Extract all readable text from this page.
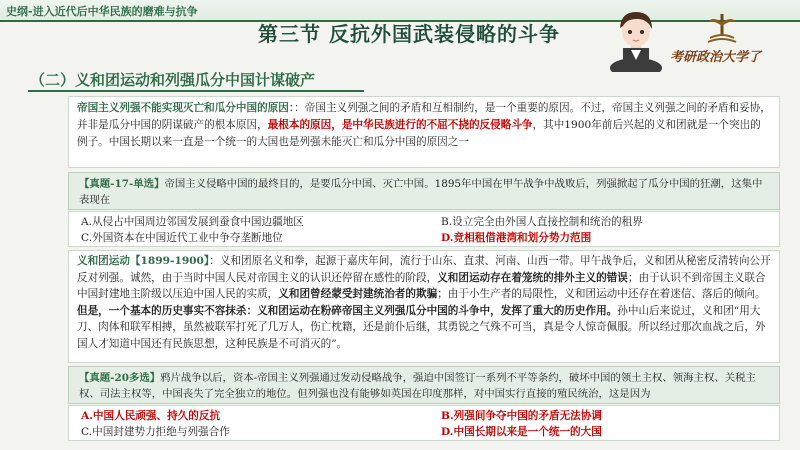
史纲-进入近代后中华民族的磨难与抗争
第三节 反抗外国武装侵略的斗争
考研政治大学了
（二）义和团运动和列强瓜分中国计谋破产
帝国主义列强不能实现灭亡和瓜分中国的原因：：帝国主义列强之间的矛盾和互相制约，是一个重要的原因。不过，帝国主义列强之间的矛盾和妥协，并非是瓜分中国的阴谋破产的根本原因，最根本的原因，是中华民族进行的不屈不挠的反侵略斗争，其中1900年前后兴起的义和团就是一个突出的例子。中国长期以来一直是一个统一的大国也是列强未能灭亡和瓜分中国的原因之一
【真题-17-单选】帝国主义侵略中国的最终目的，是要瓜分中国、灭亡中国。1895年中国在甲午战争中战败后，列强掀起了瓜分中国的狂潮，这集中表现在
A.从侵占中国周边邻国发展到蚕食中国边疆地区	B.设立完全由外国人直接控制和统治的租界
C.外国资本在中国近代工业中争夺垄断地位	D.竞相租借港湾和划分势力范围
义和团运动【1899-1900】：义和团原名义和拳，起源于嘉庆年间，流行于山东、直隶、河南、山西一带。甲午战争后，义和团从秘密反清转向公开反对列强。诚然，由于当时中国人民对帝国主义的认识还停留在感性的阶段，义和团运动存在着笼统的排外主义的错误；由于认识不到帝国主义联合中国封建地主阶级以压迫中国人民的实质，义和团曾经蒙受封建统治者的欺骗；由于小生产者的局限性，义和团运动中还存在着迷信、落后的倾向。但是，一个基本的历史事实不容抹杀：义和团运动在粉碎帝国主义列强瓜分中国的斗争中，发挥了重大的历史作用。孙中山后来说过，义和团“用大刀、肉体和联军相搏，虽然被联军打死了几万人，伤亡枕籍，还是前仆后继，其勇锐之气殊不可当，真是令人惊奇佩服。所以经过那次血战之后，外国人才知道中国还有民族思想，这种民族是不可消灭的”。
【真题-20多选】鸦片战争以后，资本-帝国主义列强通过发动侵略战争，强迫中国签订一系列不平等条约，破坏中国的领土主权、领海主权、关税主权、司法主权等，中国丧失了完全独立的地位。但列强也没有能够如英国在印度那样，对中国实行直接的殖民统治，这是因为
A.中国人民顽强、持久的反抗	B.列强间争夺中国的矛盾无法协调
C.中国封建势力拒绝与列强合作	D.中国长期以来是一个统一的大国
